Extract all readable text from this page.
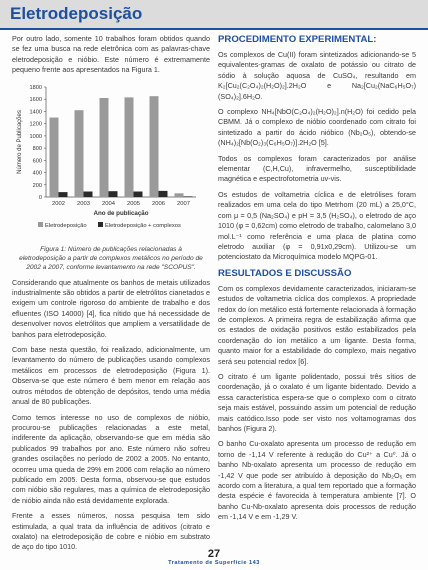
Eletrodeposição

Por outro lado, somente 10 trabalhos foram obtidos quando se fez uma busca na rede eletrônica com as palavras-chave eletrodeposição e nióbio. Este número é extremamente pequeno frente aos apresentados na Figura 1.

0
200
400
600
800
1000
1200
1400
1600
1800
Número de Publicações
2002 2003 2004 2005 2006 2007
Ano de publicação
Eletrodeposição	Eletrodeposição + complexos
Figura 1: Número de publicações relacionadas à eletrodeposição a partir de complexos metálicos no período de 2002 a 2007, conforme levantamento na rede "SCOPUS".

Considerando que atualmente os banhos de metais utilizados industrialmente são obtidos a partir de eletrólitos cianetados e exigem um controle rigoroso do ambiente de trabalho e dos efluentes (ISO 14000) [4], fica nítido que há necessidade de desenvolver novos eletrólitos que ampliem a versatilidade de banhos para eletrodeposição.

Com base nesta questão, foi realizado, adicionalmente, um levantamento do número de publicações usando complexos metálicos em processos de eletrodeposição (Figura 1). Observa-se que este número é bem menor em relação aos outros métodos de obtenção de depósitos, tendo uma média anual de 80 publicações.

Como temos interesse no uso de complexos de nióbio, procurou-se publicações relacionadas a este metal, indiferente da aplicação, observando-se que em média são publicados 99 trabalhos por ano. Este número não sofreu grandes oscilações no período de 2002 a 2005. No entanto, ocorreu uma queda de 29% em 2006 com relação ao número publicado em 2005. Desta forma, observou-se que estudos com nióbio são regulares, mas a química de eletrodeposição de nióbio ainda não está devidamente explorada.

Frente a esses números, nossa pesquisa tem sido estimulada, a qual trata da influência de aditivos (citrato e oxalato) na eletrodeposição de cobre e nióbio em substrato de aço do tipo 1010.

PROCEDIMENTO EXPERIMENTAL:

Os complexos de Cu(II) foram sintetizados adicionando-se 5 equivalentes-gramas de oxalato de potássio ou citrato de sódio à solução aquosa de CuSO₄, resultando em K₂[Cu₂(C₂O₄)₂(H₂O)₂].2H₂O e Na₂[Cu₂(NaC₆H₅O₇)(SO₄)₂].6H₂O.

O complexo NH₄[NbO(C₂O₄)₂(H₂O)₂].n(H₂O) foi cedido pela CBMM. Já o complexo de nióbio coordenado com citrato foi sintetizado a partir do ácido nióbico (Nb₂O₅), obtendo-se (NH₄)₂[Nb(O₂)₃(C₆H₅O₇)].2H₂O [5].

Todos os complexos foram caracterizados por análise elementar (C,H,Cu), infravermelho, susceptibilidade magnética e espectrofotometria uv-vis.

Os estudos de voltametria cíclica e de eletrólises foram realizados em uma cela do tipo Metrhom (20 mL) a 25,0°C, com μ = 0,5 (Na₂SO₄) e pH = 3,5 (H₂SO₄), o eletrodo de aço 1010 (φ = 0,62cm) como eletrodo de trabalho, calomelano 3,0 mol.L⁻¹ como referência e uma placa de platina como eletrodo auxiliar (φ = 0,91x0,29cm). Utilizou-se um potenciostato da Microquímica modelo MQPG-01.

RESULTADOS E DISCUSSÃO

Com os complexos devidamente caracterizados, iniciaram-se estudos de voltametria cíclica dos complexos. A propriedade redox do íon metálico está fortemente relacionada à formação de complexos. A primeira regra de estabilização afirma que os estados de oxidação positivos estão estabilizados pela coordenação do íon metálico a um ligante. Desta forma, quanto maior for a estabilidade do complexo, mais negativo será seu potencial redox [6].

O citrato é um ligante polidentado, possui três sítios de coordenação, já o oxalato é um ligante bidentado. Devido a essa característica espera-se que o complexo com o citrato seja mais estável, possuindo assim um potencial de redução mais catódico.Isso pode ser visto nos voltamogramas dos banhos (Figura 2).

O banho Cu-oxalato apresenta um processo de redução em torno de -1,14 V referente à redução do Cu²⁺ a Cu⁰. Já o banho Nb-oxalato apresenta um processo de redução em -1,42 V que pode ser atribuído à deposição do Nb₂O₅ em acordo com a literatura, a qual tem reportado que a formação desta espécie é favorecida à temperatura ambiente [7]. O banho Cu-Nb-oxalato apresenta dois processos de redução em -1,14 V e em -1,29 V.

27
Tratamento de Superfície 143
